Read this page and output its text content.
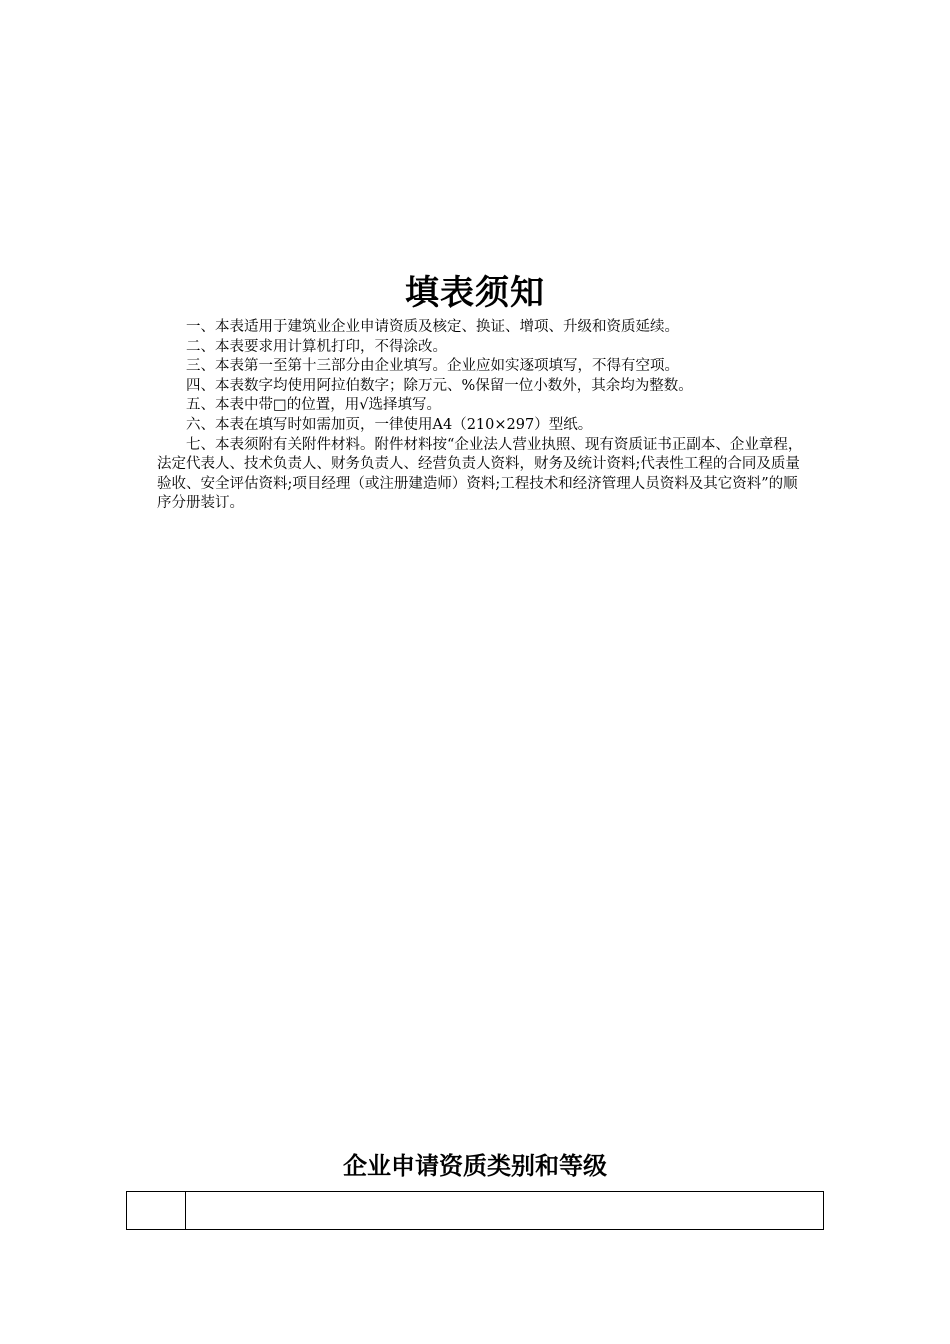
填表须知

一、本表适用于建筑业企业申请资质及核定、换证、增项、升级和资质延续。

二、本表要求用计算机打印，不得涂改。

三、本表第一至第十三部分由企业填写。企业应如实逐项填写，不得有空项。

四、本表数字均使用阿拉伯数字；除万元、%保留一位小数外，其余均为整数。

五、本表中带□的位置，用√选择填写。

六、本表在填写时如需加页，一律使用A4（210×297）型纸。

七、本表须附有关附件材料。附件材料按“企业法人营业执照、现有资质证书正副本、企业章程，法定代表人、技术负责人、财务负责人、经营负责人资料，财务及统计资料;代表性工程的合同及质量验收、安全评估资料;项目经理（或注册建造师）资料;工程技术和经济管理人员资料及其它资料”的顺序分册装订。

企业申请资质类别和等级
